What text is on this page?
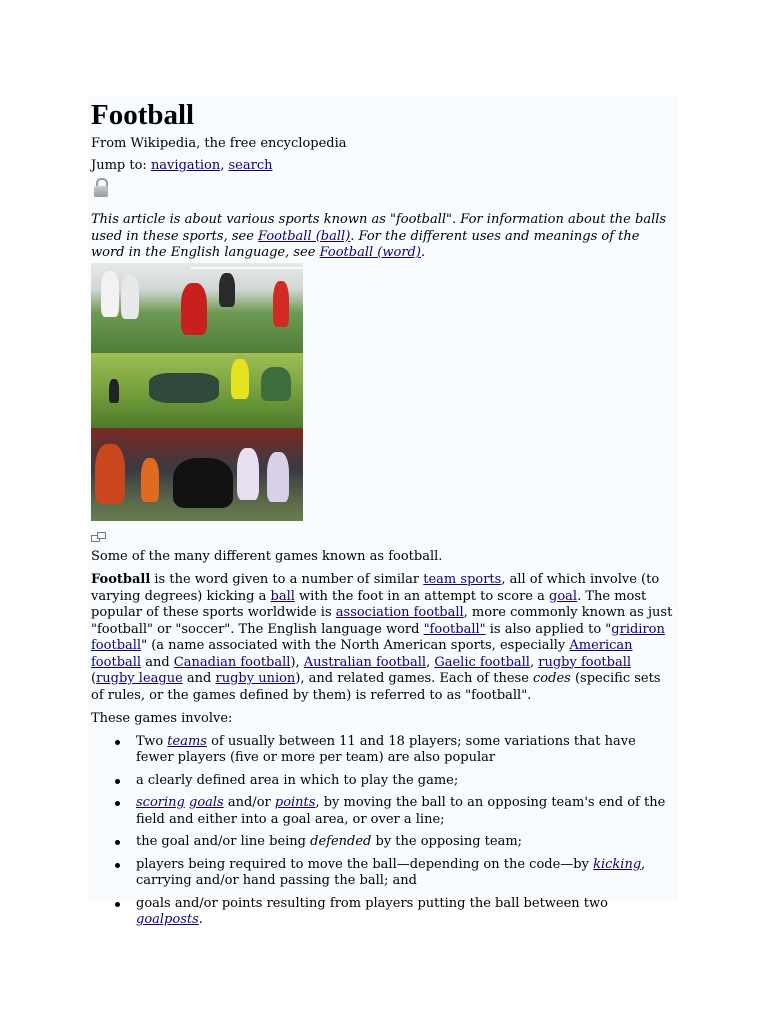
Football
From Wikipedia, the free encyclopedia
Jump to: navigation, search
This article is about various sports known as "football". For information about the balls used in these sports, see Football (ball). For the different uses and meanings of the word in the English language, see Football (word).
Some of the many different games known as football.

Football is the word given to a number of similar team sports, all of which involve (to varying degrees) kicking a ball with the foot in an attempt to score a goal. The most popular of these sports worldwide is association football, more commonly known as just "football" or "soccer". The English language word "football" is also applied to "gridiron football" (a name associated with the North American sports, especially American football and Canadian football), Australian football, Gaelic football, rugby football (rugby league and rugby union), and related games. Each of these codes (specific sets of rules, or the games defined by them) is referred to as "football".

These games involve:

Two teams of usually between 11 and 18 players; some variations that have fewer players (five or more per team) are also popular
a clearly defined area in which to play the game;
scoring goals and/or points, by moving the ball to an opposing team's end of the field and either into a goal area, or over a line;
the goal and/or line being defended by the opposing team;
players being required to move the ball—depending on the code—by kicking, carrying and/or hand passing the ball; and
goals and/or points resulting from players putting the ball between two goalposts.
